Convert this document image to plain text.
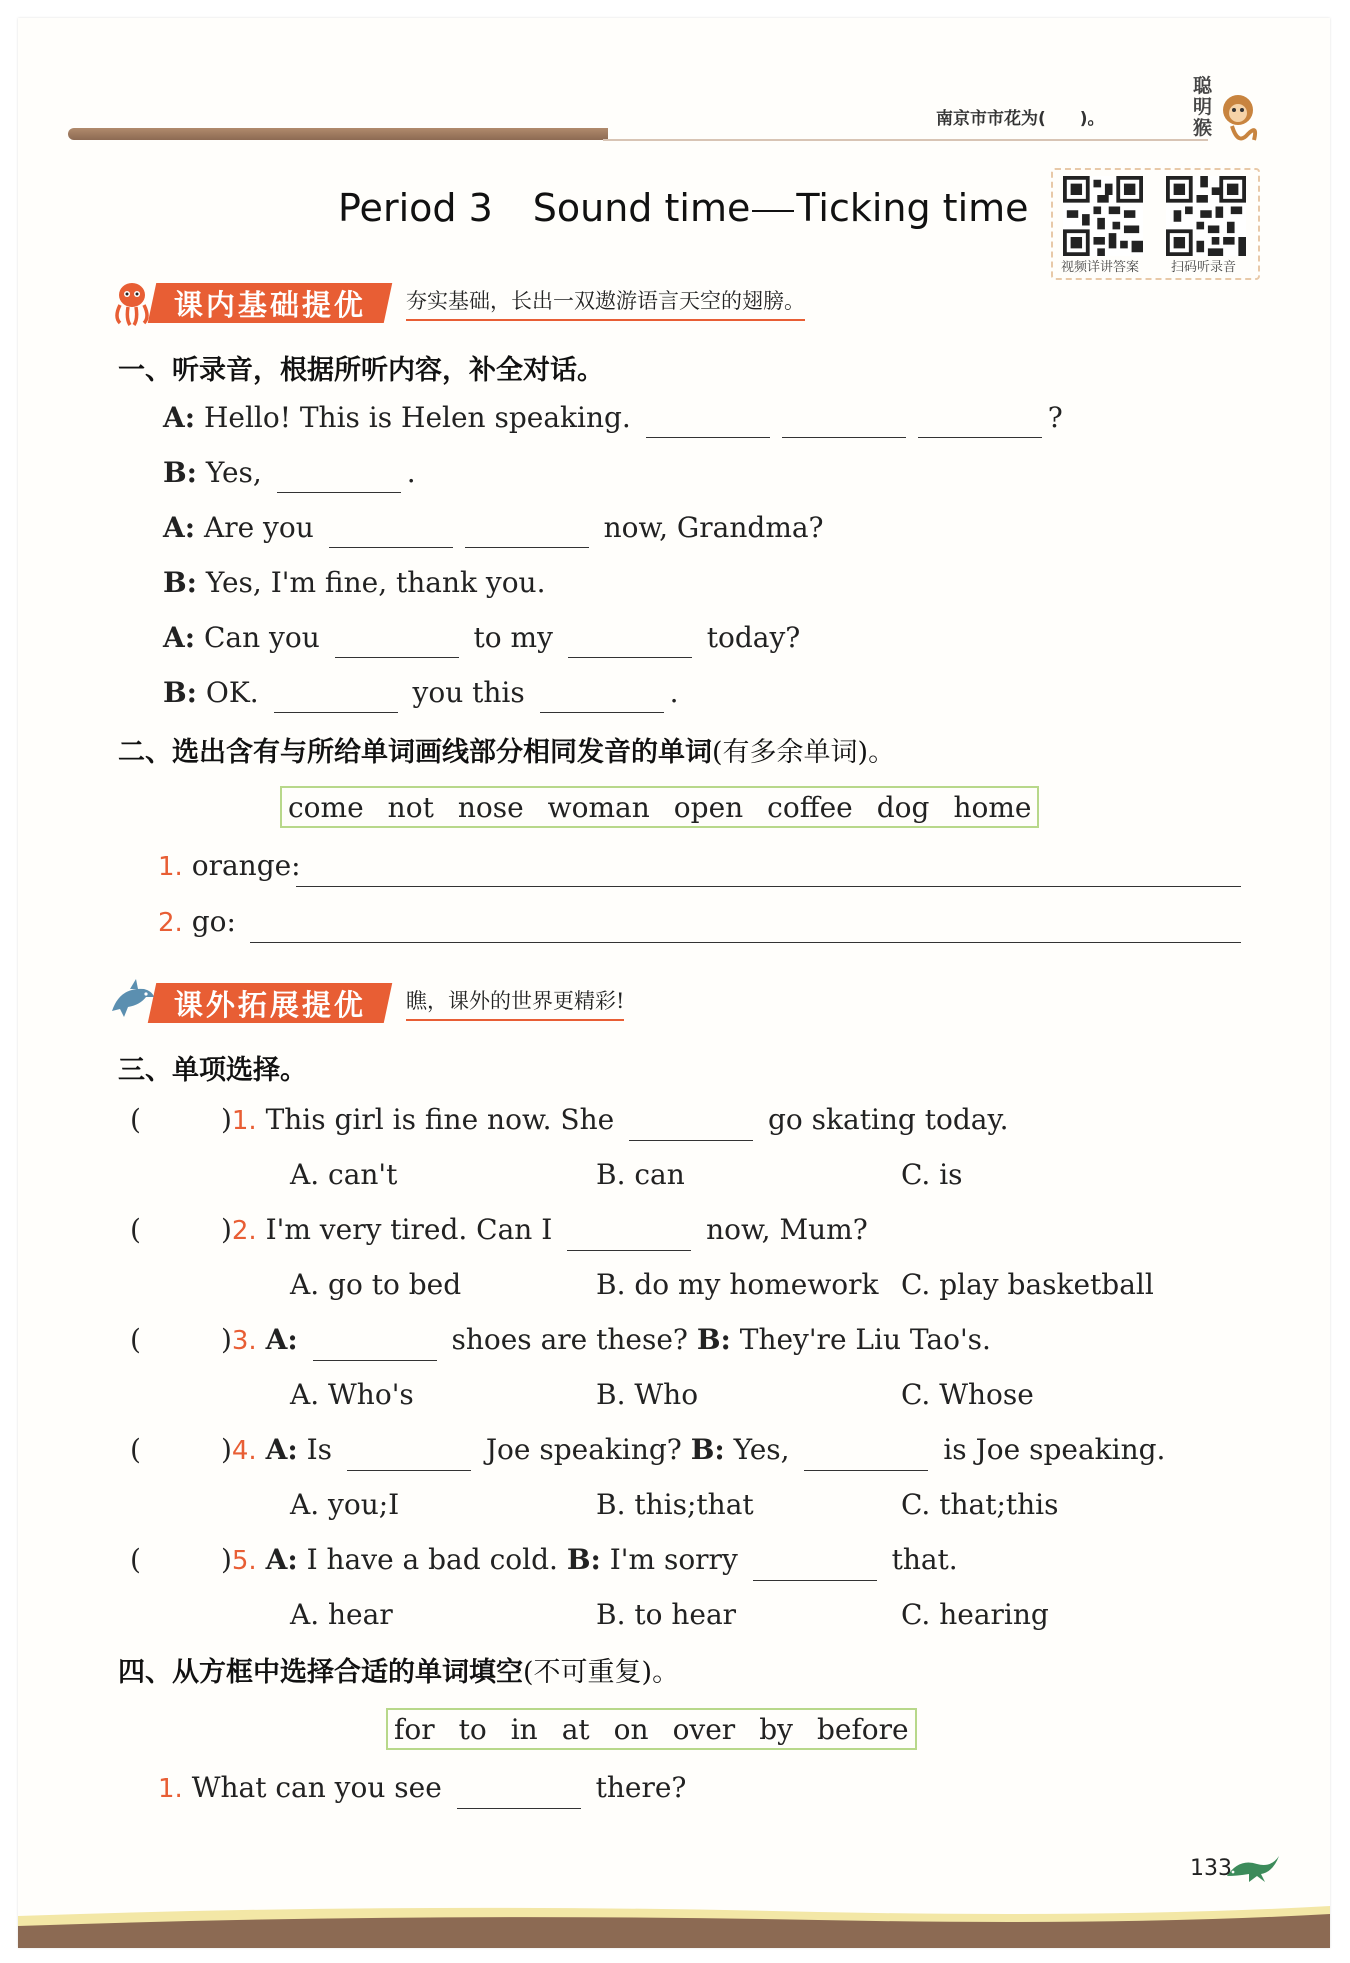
南京市市花为(　　)。
聪明猴
Period 3 Sound time Ticking time
视频详讲答案 扫码听录音
课内基础提优 夯实基础，长出一双遨游语言天空的翅膀。
一、听录音，根据所听内容，补全对话。
A: Hello! This is Helen speaking.	?
B: Yes,	.
A: Are you	now, Grandma?
B: Yes, I'm fine, thank you.
A: Can you	to my	today?
B: OK.	you this	.
二、选出含有与所给单词画线部分相同发音的单词(有多余单词)。
come not nose woman open coffee dog home
1. orange:
2. go:
课外拓展提优 瞧，课外的世界更精彩!
三、单项选择。
(	)1. This girl is fine now. She	go skating today.
A. can't	B. can	C. is
(	)2. I'm very tired. Can I	now, Mum?
A. go to bed	B. do my homework C. play basketball
(	)3. A:	shoes are these? B: They're Liu Tao's.
A. Who's	B. Who	C. Whose
(	)4. A: Is	Joe speaking? B: Yes,	is Joe speaking.
A. you;I	B. this;that	C. that;this
(	)5. A: I have a bad cold. B: I'm sorry	that.
A. hear	B. to hear	C. hearing
四、从方框中选择合适的单词填空(不可重复)。
for to in at on over by before
1. What can you see	there?
133
